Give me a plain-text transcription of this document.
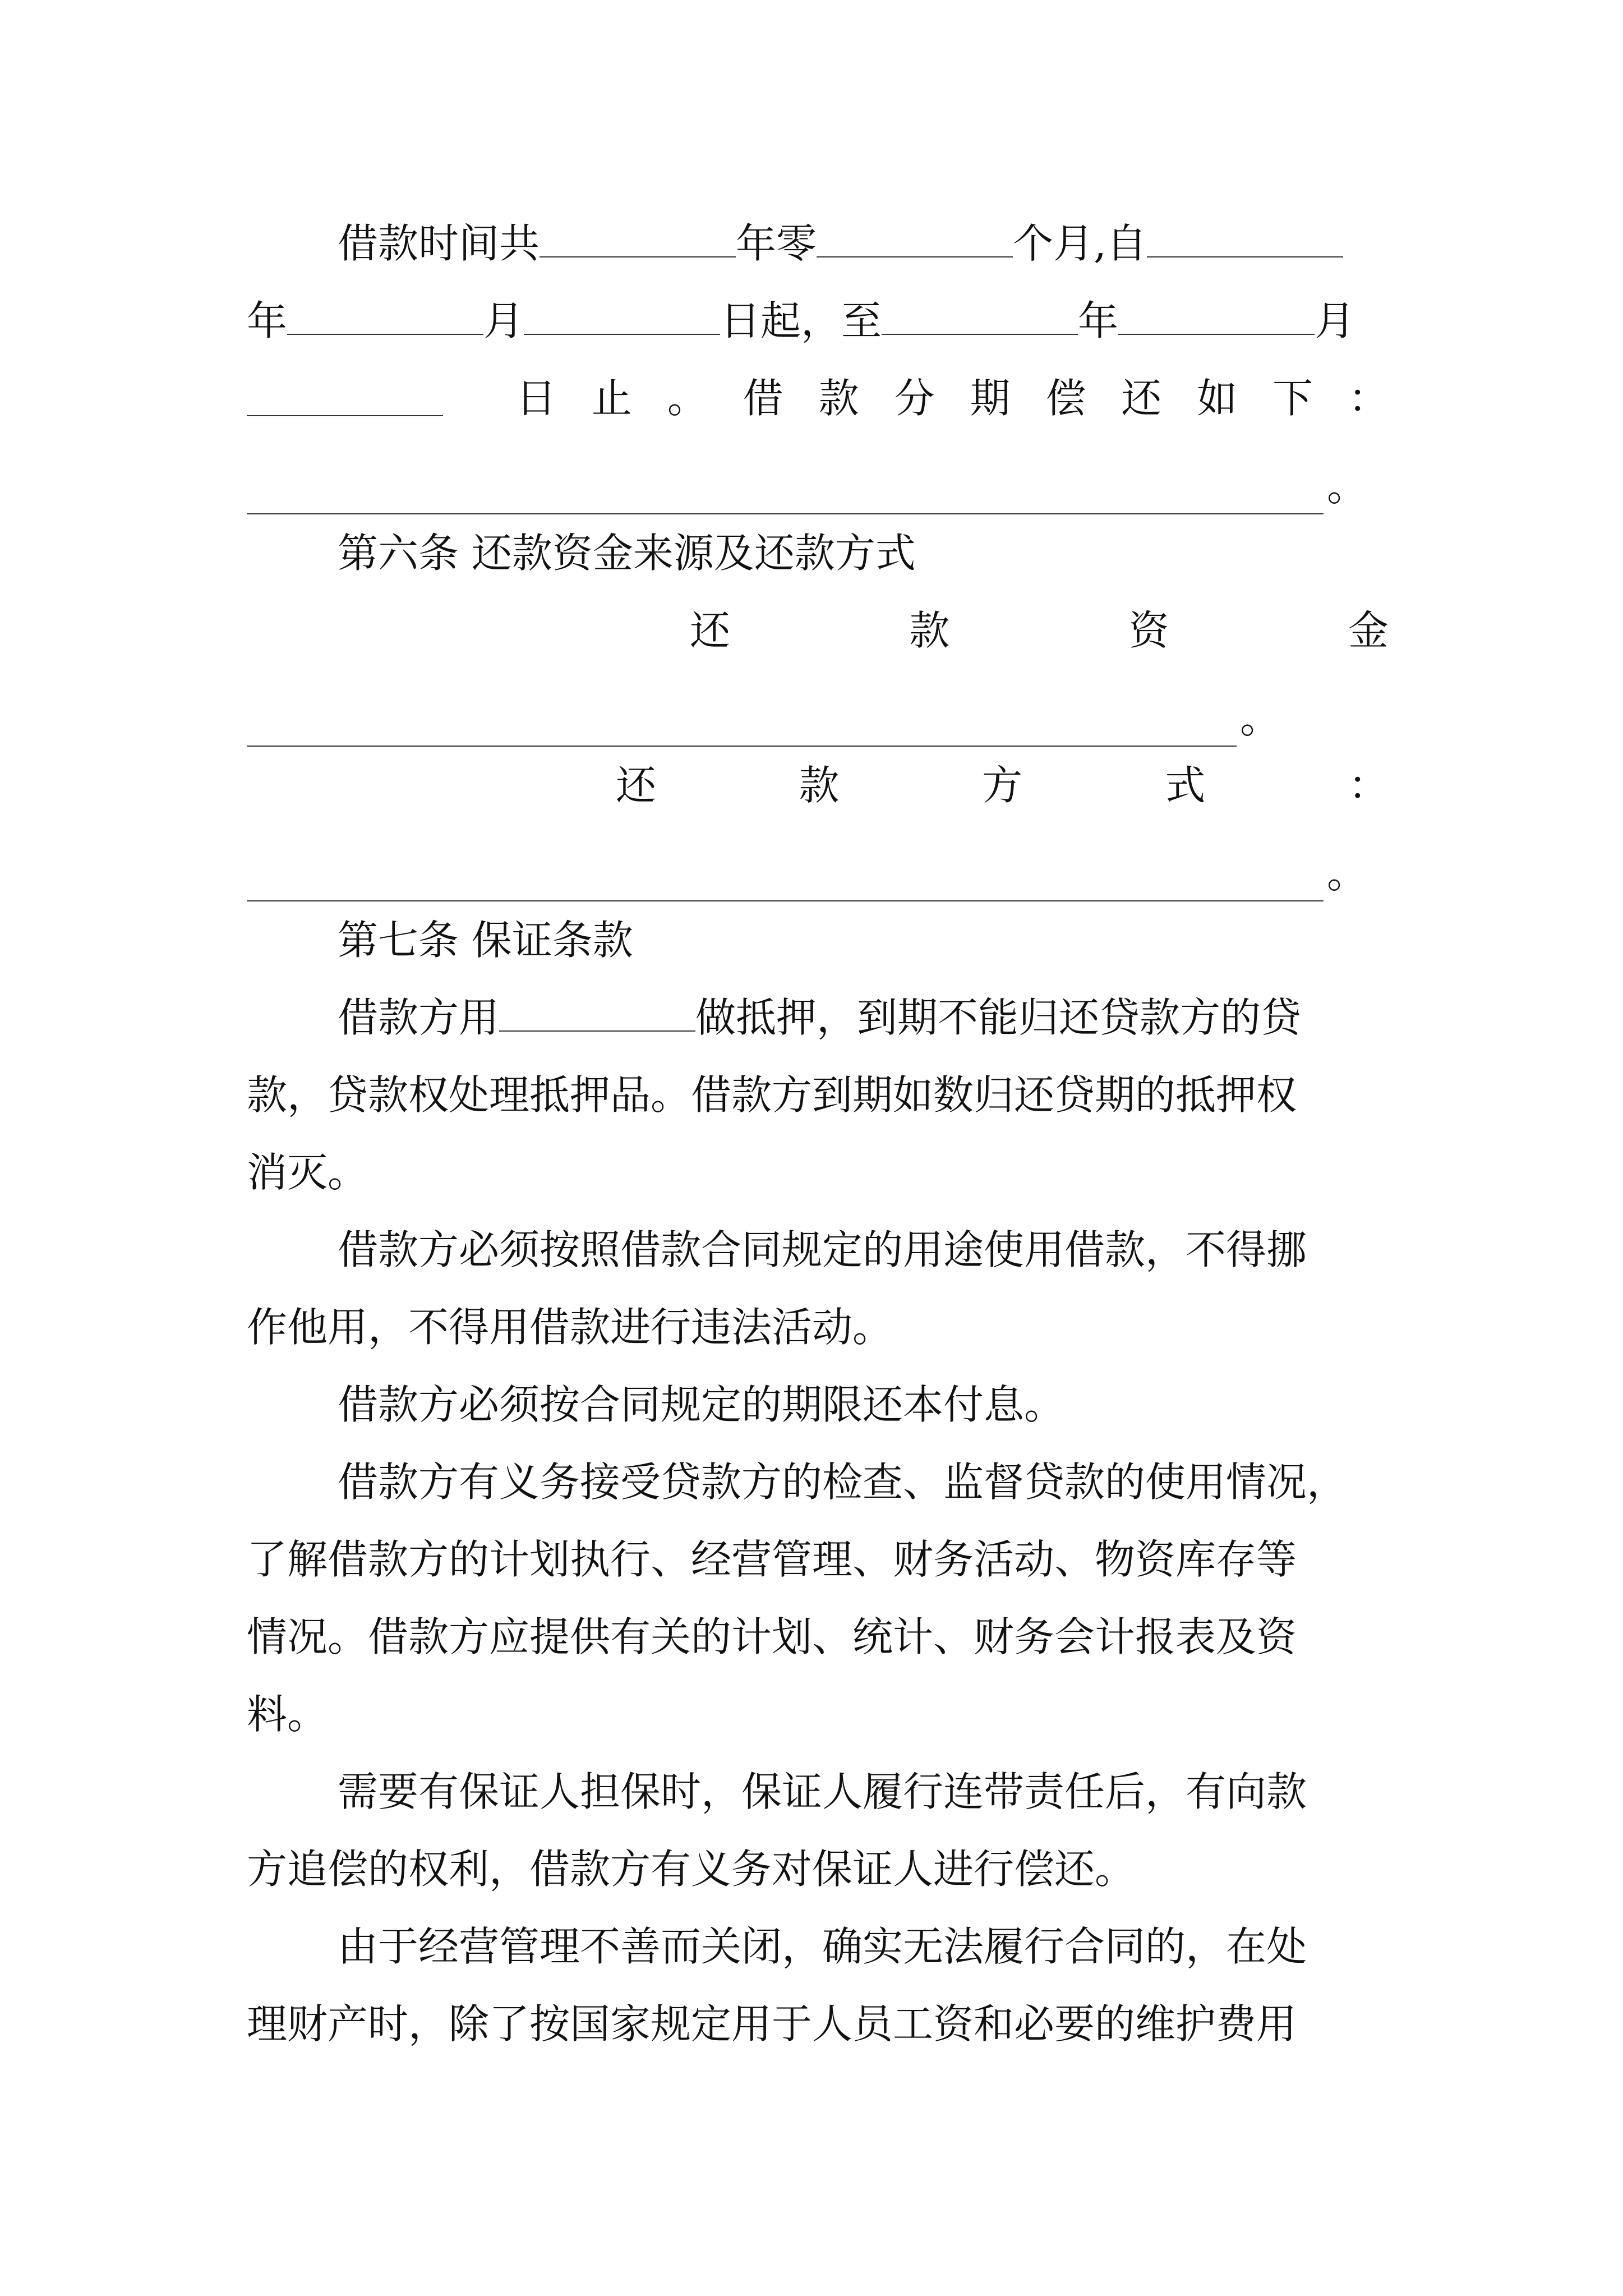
借款时间共	年零	个月,自
年	月	日起，至	年	月
日 止 。 借 款 分 期 偿 还 如 下 ：
。
第六条 还款资金来源及还款方式
还	款	资	金
。
还	款	方	式	：
。
第七条 保证条款
借款方用	做抵押，到期不能归还贷款方的贷
款，贷款权处理抵押品。借款方到期如数归还贷期的抵押权
消灭。
借款方必须按照借款合同规定的用途使用借款，不得挪
作他用，不得用借款进行违法活动。
借款方必须按合同规定的期限还本付息。
借款方有义务接受贷款方的检查、监督贷款的使用情况，
了解借款方的计划执行、经营管理、财务活动、物资库存等
情况。借款方应提供有关的计划、统计、财务会计报表及资
料。
需要有保证人担保时，保证人履行连带责任后，有向款
方追偿的权利，借款方有义务对保证人进行偿还。
由于经营管理不善而关闭，确实无法履行合同的，在处
理财产时，除了按国家规定用于人员工资和必要的维护费用
